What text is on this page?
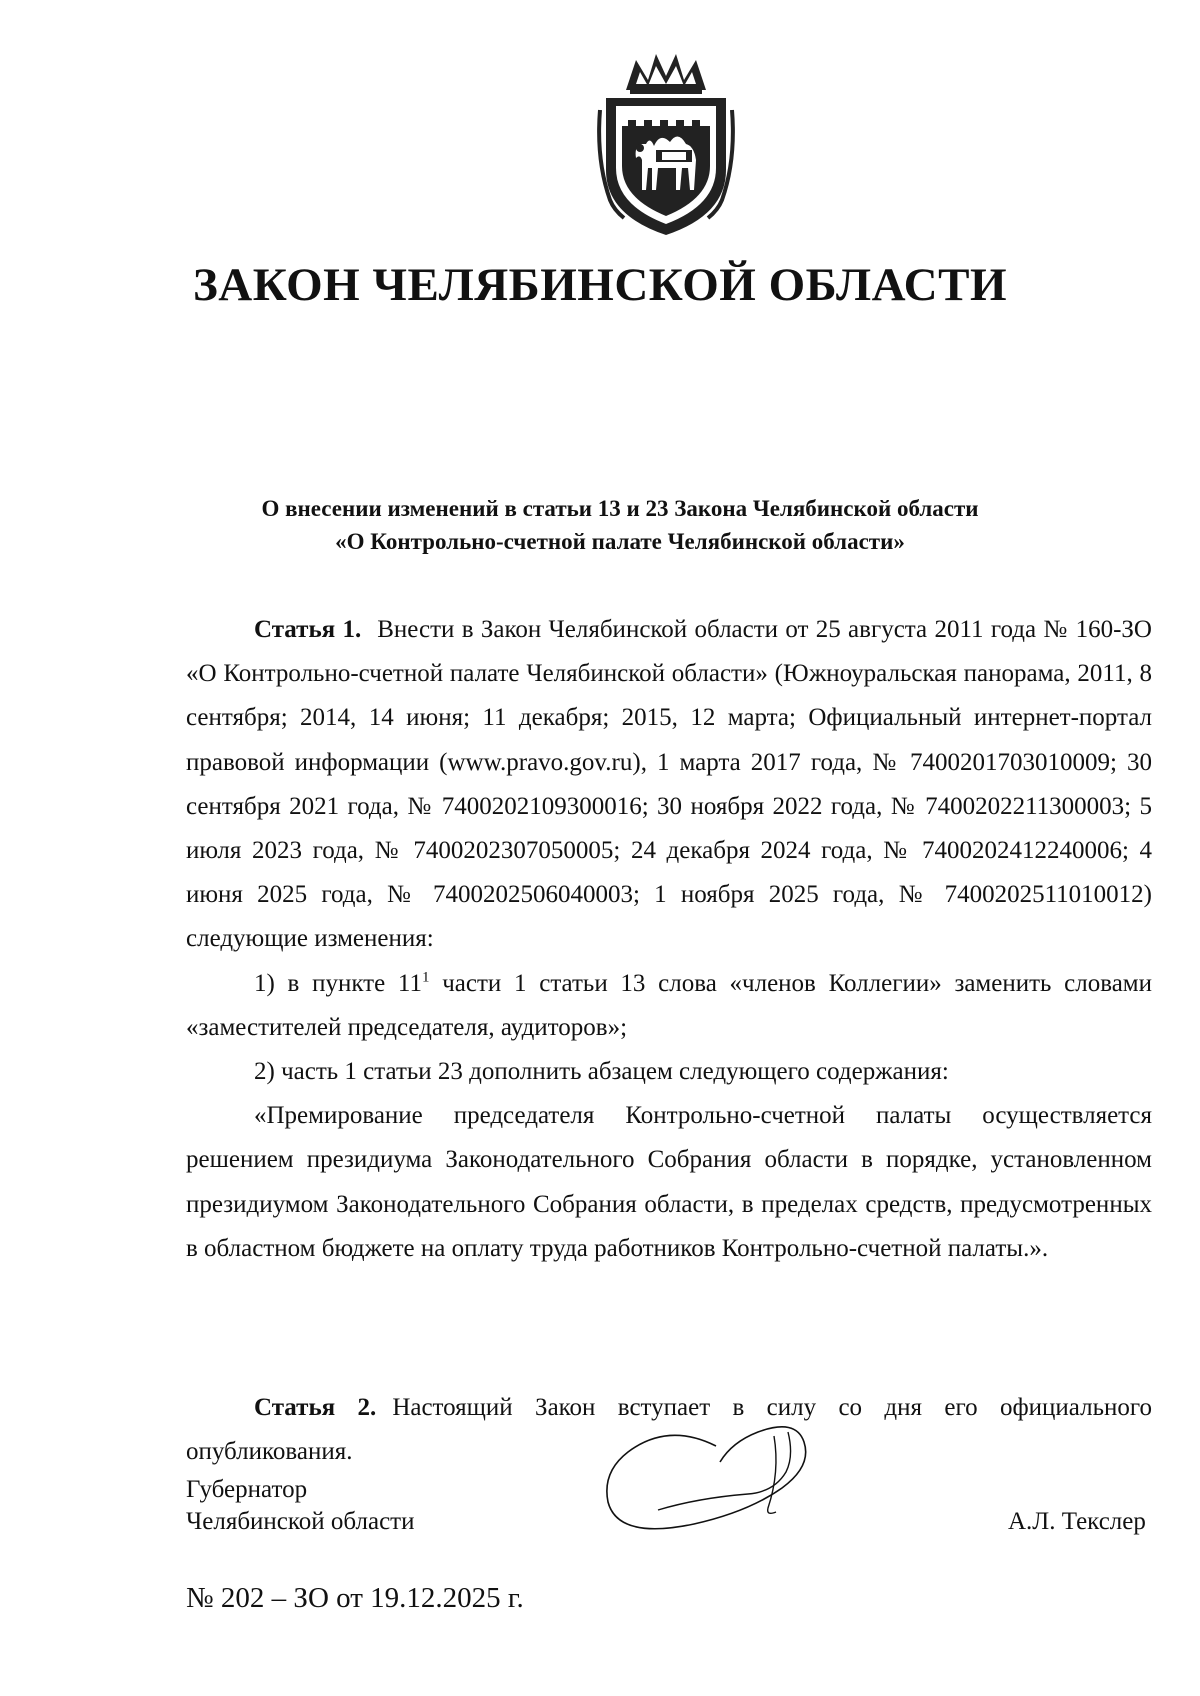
ЗАКОН ЧЕЛЯБИНСКОЙ ОБЛАСТИ
О внесении изменений в статьи 13 и 23 Закона Челябинской области
«О Контрольно-счетной палате Челябинской области»

Статья 1. Внести в Закон Челябинской области от 25 августа 2011 года № 160-ЗО «О Контрольно-счетной палате Челябинской области» (Южноуральская панорама, 2011, 8 сентября; 2014, 14 июня; 11 декабря; 2015, 12 марта; Официальный интернет-портал правовой информации (www.pravo.gov.ru), 1 марта 2017 года, № 7400201703010009; 30 сентября 2021 года, № 7400202109300016; 30 ноября 2022 года, № 7400202211300003; 5 июля 2023 года, № 7400202307050005; 24 декабря 2024 года, № 7400202412240006; 4 июня 2025 года, № 7400202506040003; 1 ноября 2025 года, № 7400202511010012) следующие изменения:

1) в пункте $11^1$ части 1 статьи 13 слова «членов Коллегии» заменить словами «заместителей председателя, аудиторов»;

2) часть 1 статьи 23 дополнить абзацем следующего содержания:

«Премирование председателя Контрольно-счетной палаты осуществляется решением президиума Законодательного Собрания области в порядке, установленном президиумом Законодательного Собрания области, в пределах средств, предусмотренных в областном бюджете на оплату труда работников Контрольно-счетной палаты.».

Статья 2. Настоящий Закон вступает в силу со дня его официального опубликования.

Губернатор
Челябинской области	А.Л. Текслер
№ 202 – ЗО от 19.12.2025 г.
